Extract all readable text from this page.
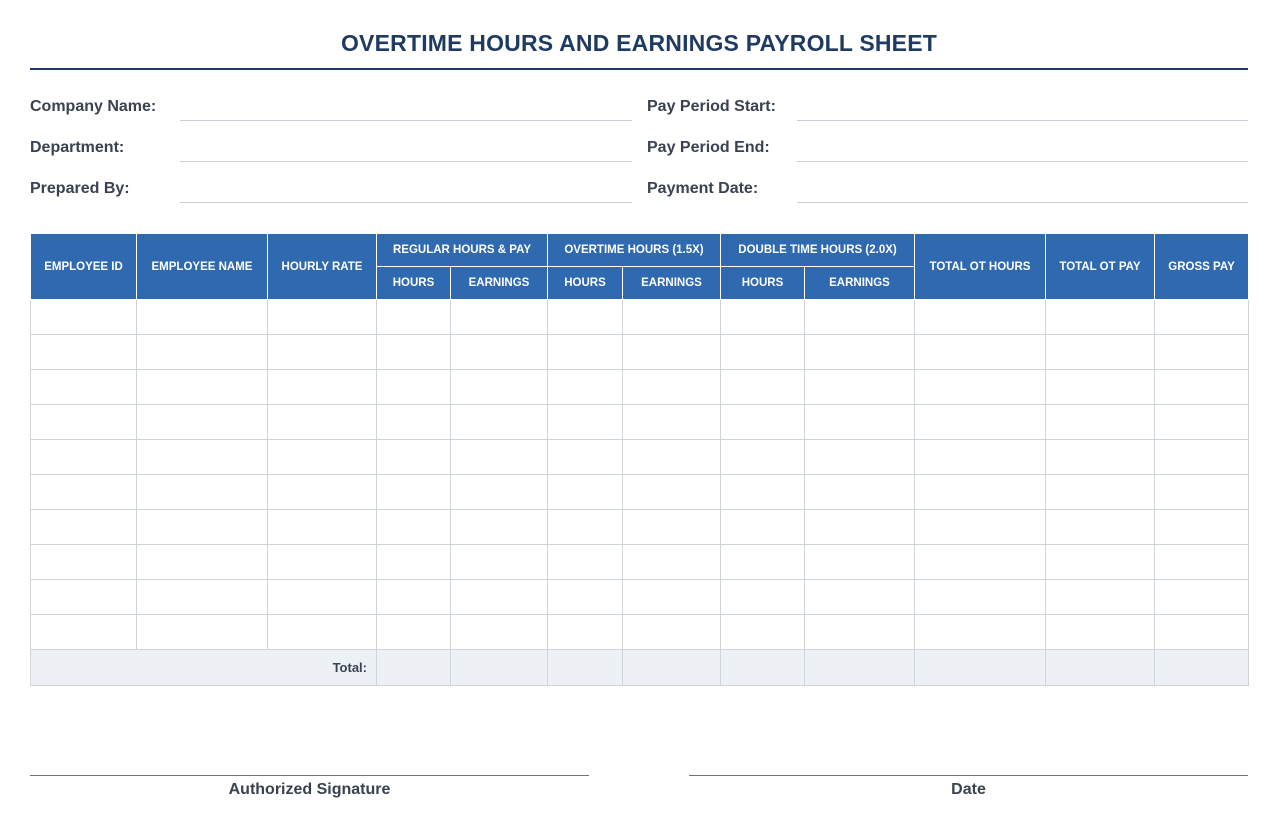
OVERTIME HOURS AND EARNINGS PAYROLL SHEET
Company Name:
Department:
Prepared By:
Pay Period Start:
Pay Period End:
Payment Date:
EMPLOYEE ID	EMPLOYEE NAME	HOURLY RATE	REGULAR HOURS & PAY		OVERTIME HOURS (1.5X)		DOUBLE TIME HOURS (2.0X)		TOTAL OT HOURS	TOTAL OT PAY	GROSS PAY
			HOURS	EARNINGS	HOURS	EARNINGS	HOURS	EARNINGS			

Total:											
Authorized Signature	Date
